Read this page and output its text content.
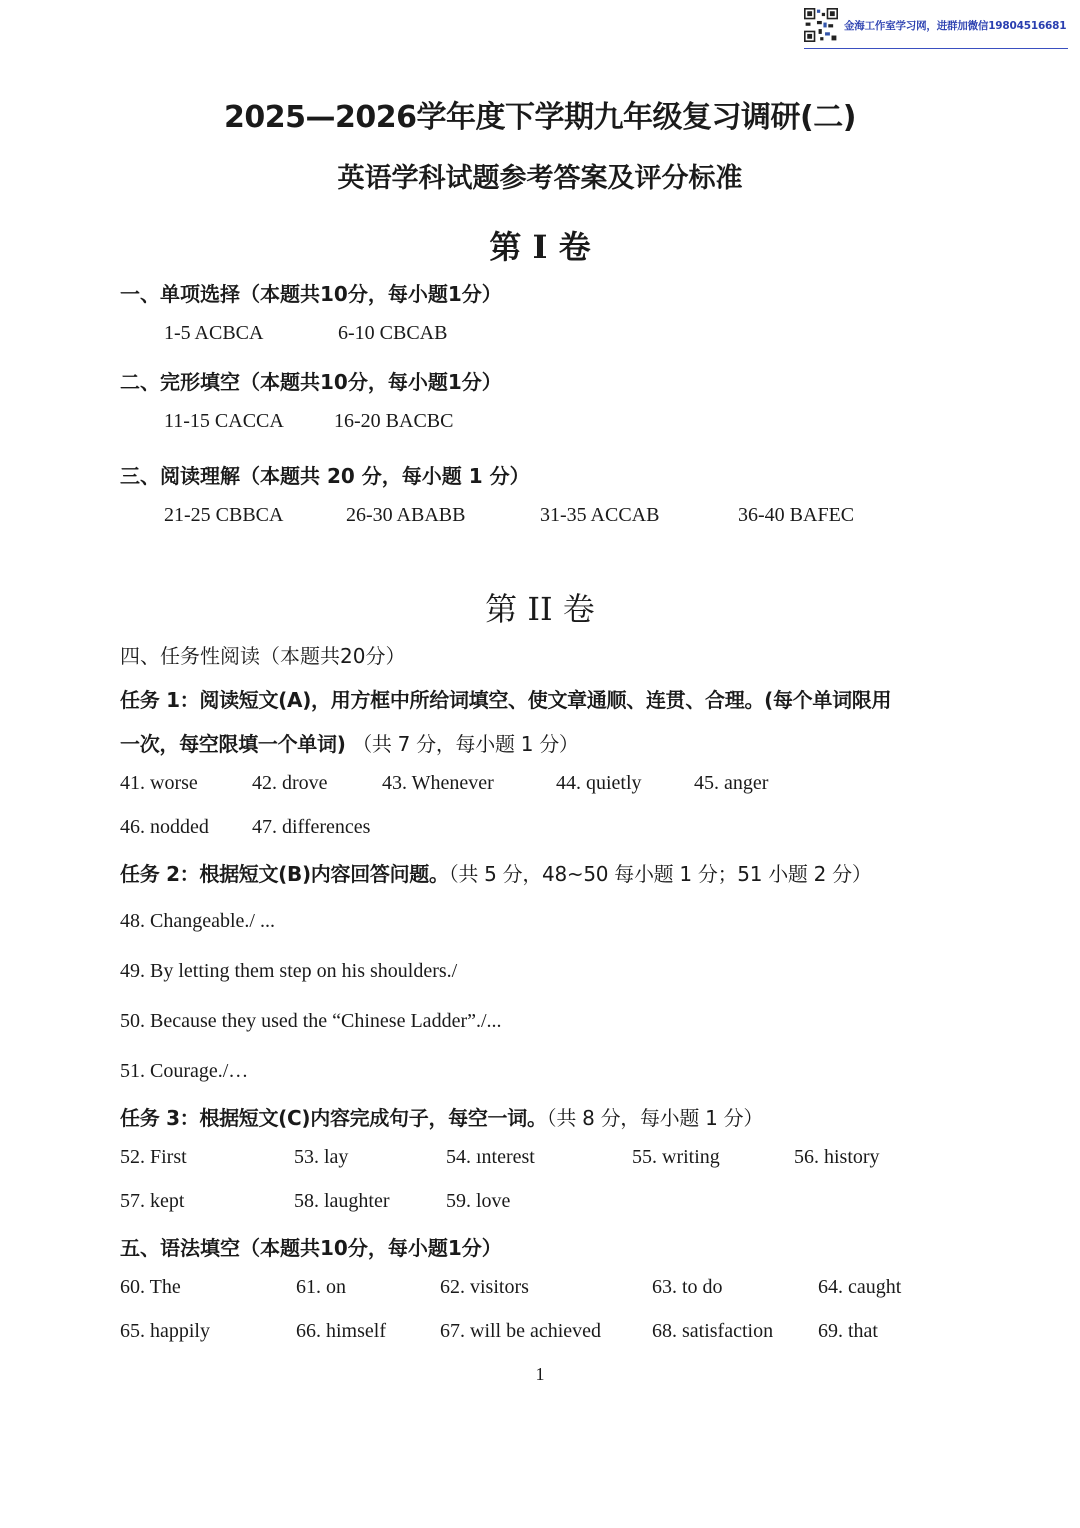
金海工作室学习网，进群加微信19804516681
2025—2026学年度下学期九年级复习调研(二)
英语学科试题参考答案及评分标准
第 I 卷
一、单项选择（本题共10分，每小题1分）
1-5 ACBCA	6-10 CBCAB
二、完形填空（本题共10分，每小题1分）
11-15 CACCA	16-20 BACBC
三、阅读理解（本题共 20 分，每小题 1 分）
21-25 CBBCA	26-30 ABABB	31-35 ACCAB	36-40 BAFEC
第 II 卷
四、任务性阅读（本题共20分）
任务 1：阅读短文(A)，用方框中所给词填空、使文章通顺、连贯、合理。(每个单词限用
一次，每空限填一个单词) （共 7 分，每小题 1 分）
41. worse	42. drove	43. Whenever	44. quietly	45. anger
46. nodded 47. differences
任务 2：根据短文(B)内容回答问题。（共 5 分，48~50 每小题 1 分；51 小题 2 分）
48. Changeable./ ...
49. By letting them step on his shoulders./
50. Because they used the “Chinese Ladder”./...
51. Courage./…
任务 3：根据短文(C)内容完成句子，每空一词。（共 8 分，每小题 1 分）
52. First	53. lay	54. ınterest	55. writing	56. history
57. kept	58. laughter	59. love
五、语法填空（本题共10分，每小题1分）
60. The	61. on	62. visitors	63. to do	64. caught
65. happily	66. himself	67. will be achieved	68. satisfaction 69. that
1
